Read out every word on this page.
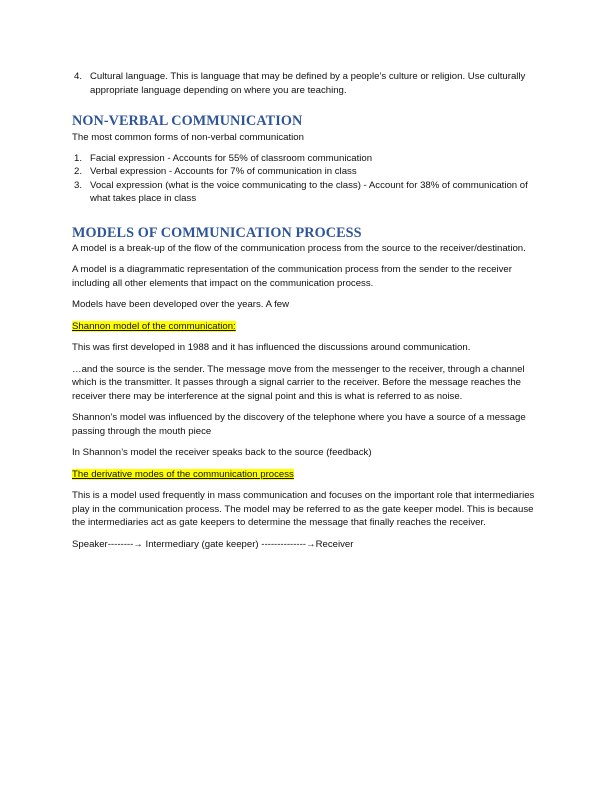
4. Cultural language. This is language that may be defined by a people’s culture or religion. Use culturally appropriate language depending on where you are teaching.
NON-VERBAL COMMUNICATION

The most common forms of non-verbal communication

1. Facial expression - Accounts for 55% of classroom communication
2. Verbal expression - Accounts for 7% of communication in class
3. Vocal expression (what is the voice communicating to the class) - Account for 38% of communication of what takes place in class
MODELS OF COMMUNICATION PROCESS

A model is a break-up of the flow of the communication process from the source to the receiver/destination.

A model is a diagrammatic representation of the communication process from the sender to the receiver including all other elements that impact on the communication process.

Models have been developed over the years. A few

Shannon model of the communication:

This was first developed in 1988 and it has influenced the discussions around communication.

…and the source is the sender. The message move from the messenger to the receiver, through a channel which is the transmitter. It passes through a signal carrier to the receiver. Before the message reaches the receiver there may be interference at the signal point and this is what is referred to as noise.

Shannon’s model was influenced by the discovery of the telephone where you have a source of a message passing through the mouth piece

In Shannon’s model the receiver speaks back to the source (feedback)

The derivative modes of the communication process

This is a model used frequently in mass communication and focuses on the important role that intermediaries play in the communication process. The model may be referred to as the gate keeper model. This is because the intermediaries act as gate keepers to determine the message that finally reaches the receiver.

Speaker--------→ Intermediary (gate keeper) --------------→Receiver
